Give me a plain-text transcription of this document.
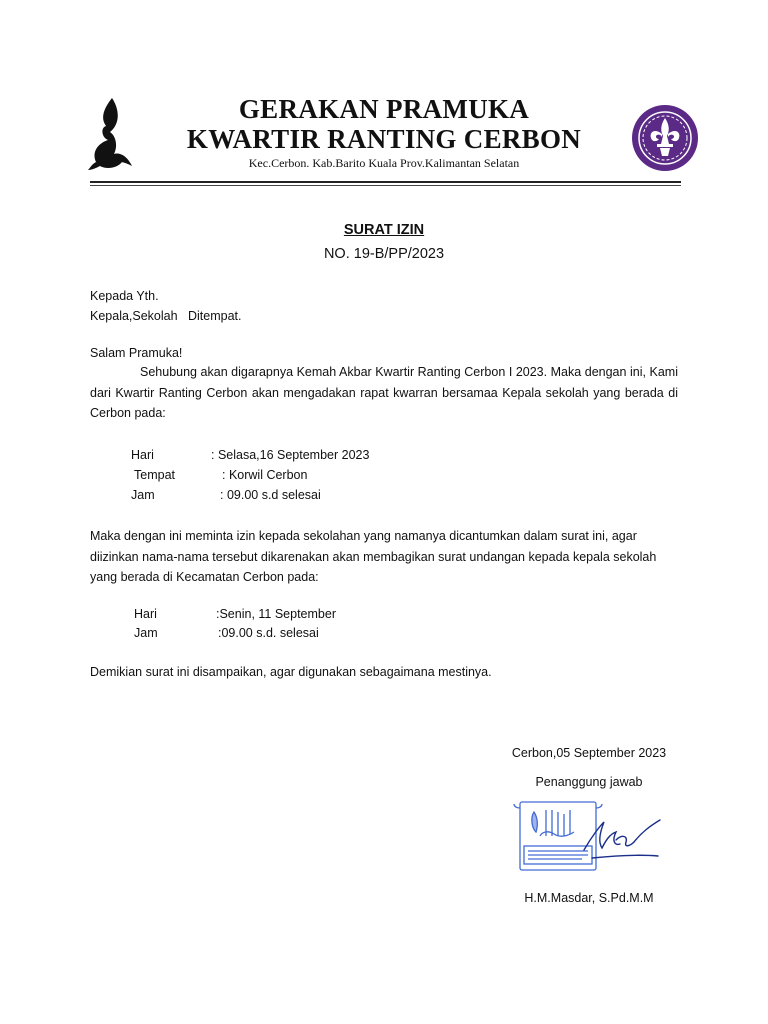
GERAKAN PRAMUKA
KWARTIR RANTING CERBON
Kec.Cerbon. Kab.Barito Kuala Prov.Kalimantan Selatan
SURAT IZIN
NO. 19-B/PP/2023
Kepada Yth.
Kepala,Sekolah   Ditempat.
Salam Pramuka!
Sehubung akan digarapnya Kemah Akbar Kwartir Ranting Cerbon I 2023. Maka dengan ini, Kami dari Kwartir Ranting Cerbon akan mengadakan rapat kwarran bersamaa Kepala sekolah yang berada di Cerbon pada:
Hari	: Selasa,16 September 2023
Tempat	: Korwil Cerbon
Jam	: 09.00 s.d selesai
Maka dengan ini meminta izin kepada sekolahan yang namanya dicantumkan dalam surat ini, agar diizinkan nama-nama tersebut dikarenakan akan membagikan surat undangan kepada kepala sekolah yang berada di Kecamatan Cerbon pada:
Hari	:Senin, 11 September
Jam	:09.00 s.d. selesai
Demikian surat ini disampaikan, agar digunakan sebagaimana mestinya.
Cerbon,05 September 2023
Penanggung jawab
H.M.Masdar, S.Pd.M.M
